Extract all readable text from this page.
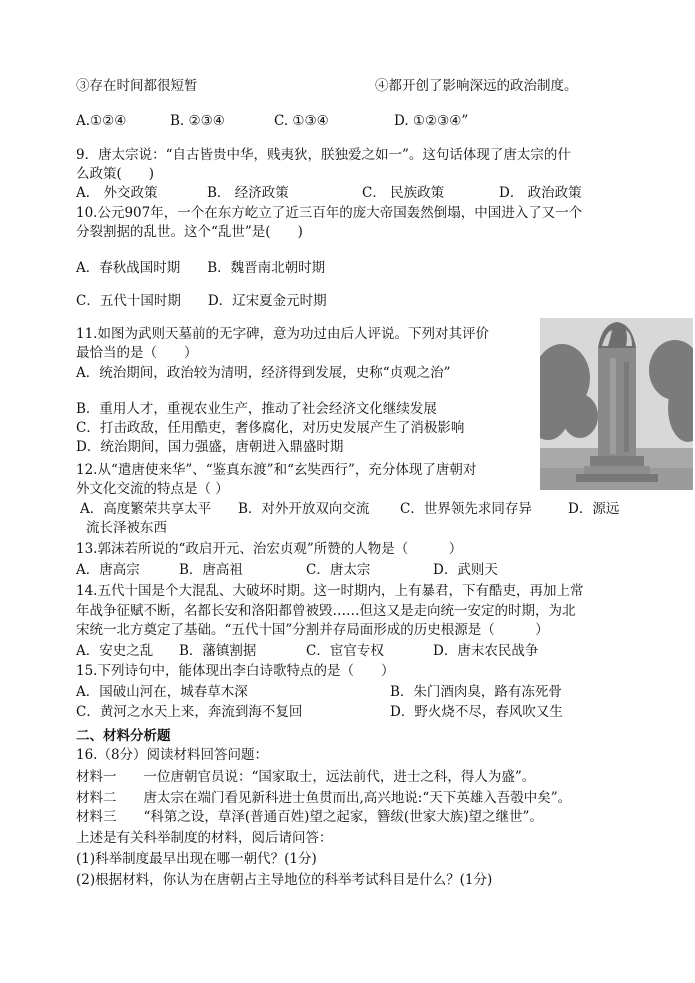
③存在时间都很短暂	④都开创了影响深远的政治制度。
A.①②④	B. ②③④	C. ①③④	D. ①②③④”
9．唐太宗说：“自古皆贵中华，贱夷狄，朕独爱之如一”。这句话体现了唐太宗的什
么政策(　　)
A． 外交政策	B． 经济政策	C． 民族政策	D． 政治政策
10.公元907年，一个在东方屹立了近三百年的庞大帝国轰然倒塌，中国进入了又一个
分裂割据的乱世。这个“乱世”是(　　)
A．春秋战国时期　　B．魏晋南北朝时期
C．五代十国时期　　D．辽宋夏金元时期
11.如图为武则天墓前的无字碑，意为功过由后人评说。下列对其评价
最恰当的是（　　）
A．统治期间，政治较为清明，经济得到发展，史称“贞观之治”
B．重用人才，重视农业生产，推动了社会经济文化继续发展
C．打击政敌，任用酷吏，奢侈腐化，对历史发展产生了消极影响
D．统治期间，国力强盛，唐朝进入鼎盛时期
12.从“遣唐使来华”、“鉴真东渡”和“玄奘西行”，充分体现了唐朝对
外文化交流的特点是（ ）
A．高度繁荣共享太平 B．对外开放双向交流 C．世界领先求同存异	D．源远
流长泽被东西
13.郭沫若所说的“政启开元、治宏贞观”所赞的人物是（　　　）
A．唐高宗	B．唐高祖	C．唐太宗	D．武则天
14.五代十国是个大混乱、大破坏时期。这一时期内，上有暴君，下有酷吏，再加上常
年战争征赋不断，名都长安和洛阳都曾被毁……但这又是走向统一安定的时期，为北
宋统一北方奠定了基础。“五代十国”分割并存局面形成的历史根源是（　　　）
A．安史之乱 B．藩镇割据	C．宦官专权	D．唐末农民战争
15.下列诗句中，能体现出李白诗歌特点的是（　　）
A．国破山河在，城春草木深	B．朱门酒肉臭，路有冻死骨
C．黄河之水天上来，奔流到海不复回	D．野火烧不尽，春风吹又生
二、材料分析题
16.（8分）阅读材料回答问题：
材料一　　一位唐朝官员说：“国家取士，远法前代，进士之科，得人为盛”。
材料二　　唐太宗在端门看见新科进士鱼贯而出,高兴地说:“天下英雄入吾彀中矣”。
材料三　　“科第之设，草泽(普通百姓)望之起家，簪绂(世家大族)望之继世”。
上述是有关科举制度的材料，阅后请问答：
(1)科举制度最早出现在哪一朝代？(1分)
(2)根据材料，你认为在唐朝占主导地位的科举考试科目是什么？(1分)
